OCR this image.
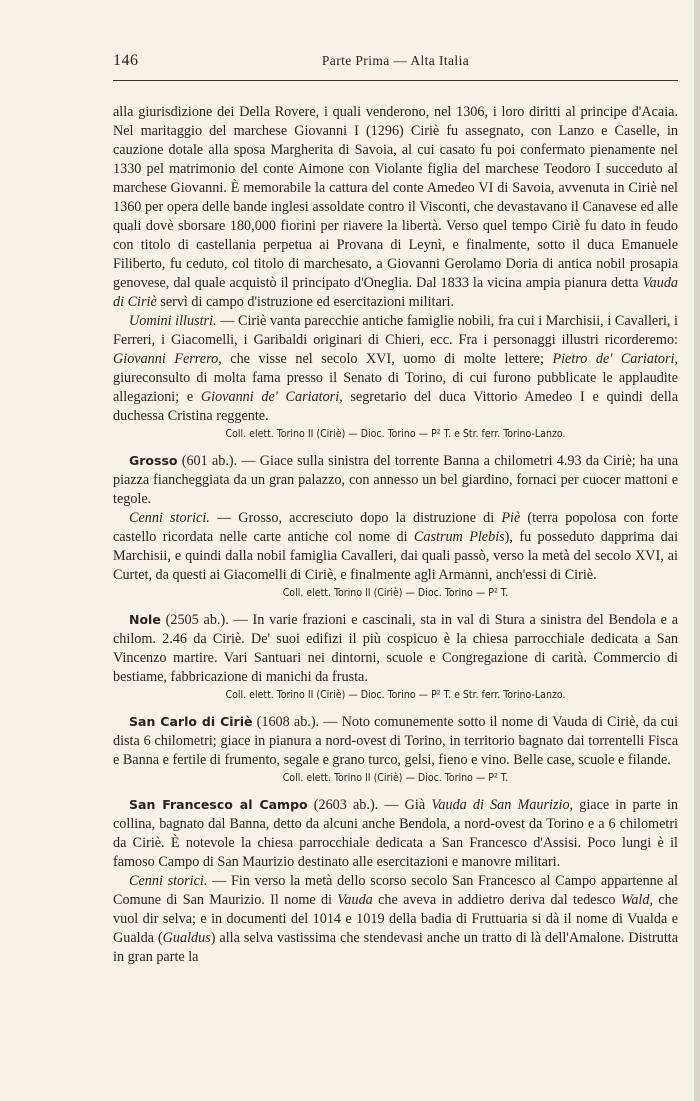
146	Parte Prima — Alta Italia

alla giurisdizione dei Della Rovere, i quali venderono, nel 1306, i loro diritti al principe d'Acaia. Nel maritaggio del marchese Giovanni I (1296) Ciriè fu assegnato, con Lanzo e Caselle, in cauzione dotale alla sposa Margherita di Savoia, al cui casato fu poi confermato pienamente nel 1330 pel matrimonio del conte Aimone con Violante figlia del marchese Teodoro I succeduto al marchese Giovanni. È memorabile la cattura del conte Amedeo VI di Savoia, avvenuta in Ciriè nel 1360 per opera delle bande inglesi assoldate contro il Visconti, che devastavano il Canavese ed alle quali dovè sborsare 180,000 fiorini per riavere la libertà. Verso quel tempo Ciriè fu dato in feudo con titolo di castellania perpetua ai Provana di Leynì, e finalmente, sotto il duca Emanuele Filiberto, fu ceduto, col titolo di marchesato, a Giovanni Gerolamo Doria di antica nobil prosapia genovese, dal quale acquistò il principato d'Oneglia. Dal 1833 la vicina ampia pianura detta Vauda di Ciriè servì di campo d'istruzione ed esercitazioni militari.

Uomini illustri. — Ciriè vanta parecchie antiche famiglie nobili, fra cui i Marchisii, i Cavalleri, i Ferreri, i Giacomelli, i Garibaldi originari di Chieri, ecc. Fra i personaggi illustri ricorderemo: Giovanni Ferrero, che visse nel secolo XVI, uomo di molte lettere; Pietro de' Cariatori, giureconsulto di molta fama presso il Senato di Torino, di cui furono pubblicate le applaudite allegazioni; e Giovanni de' Cariatori, segretario del duca Vittorio Amedeo I e quindi della duchessa Cristina reggente.

Coll. elett. Torino II (Ciriè) — Dioc. Torino — P² T. e Str. ferr. Torino-Lanzo.

Grosso (601 ab.). — Giace sulla sinistra del torrente Banna a chilometri 4.93 da Ciriè; ha una piazza fiancheggiata da un gran palazzo, con annesso un bel giardino, fornaci per cuocer mattoni e tegole.

Cenni storici. — Grosso, accresciuto dopo la distruzione di Piè (terra popolosa con forte castello ricordata nelle carte antiche col nome di Castrum Plebis), fu posseduto dapprima dai Marchisii, e quindi dalla nobil famiglia Cavalleri, dai quali passò, verso la metà del secolo XVI, ai Curtet, da questi ai Giacomelli di Ciriè, e finalmente agli Armanni, anch'essi di Ciriè.

Coll. elett. Torino II (Ciriè) — Dioc. Torino — P² T.

Nole (2505 ab.). — In varie frazioni e cascinali, sta in val di Stura a sinistra del Bendola e a chilom. 2.46 da Ciriè. De' suoi edifizi il più cospicuo è la chiesa parrocchiale dedicata a San Vincenzo martire. Vari Santuari nei dintorni, scuole e Congregazione di carità. Commercio di bestiame, fabbricazione di manichi da frusta.

Coll. elett. Torino II (Ciriè) — Dioc. Torino — P² T. e Str. ferr. Torino-Lanzo.

San Carlo di Ciriè (1608 ab.). — Noto comunemente sotto il nome di Vauda di Ciriè, da cui dista 6 chilometri; giace in pianura a nord-ovest di Torino, in territorio bagnato dai torrentelli Fisca e Banna e fertile di frumento, segale e grano turco, gelsi, fieno e vino. Belle case, scuole e filande.

Coll. elett. Torino II (Ciriè) — Dioc. Torino — P² T.

San Francesco al Campo (2603 ab.). — Già Vauda di San Maurizio, giace in parte in collina, bagnato dal Banna, detto da alcuni anche Bendola, a nord-ovest da Torino e a 6 chilometri da Ciriè. È notevole la chiesa parrocchiale dedicata a San Francesco d'Assisi. Poco lungi è il famoso Campo di San Maurizio destinato alle esercitazioni e manovre militari.

Cenni storici. — Fin verso la metà dello scorso secolo San Francesco al Campo appartenne al Comune di San Maurizio. Il nome di Vauda che aveva in addietro deriva dal tedesco Wald, che vuol dir selva; e in documenti del 1014 e 1019 della badia di Fruttuaria si dà il nome di Vualda e Gualda (Gualdus) alla selva vastissima che stendevasi anche un tratto di là dell'Amalone. Distrutta in gran parte la
